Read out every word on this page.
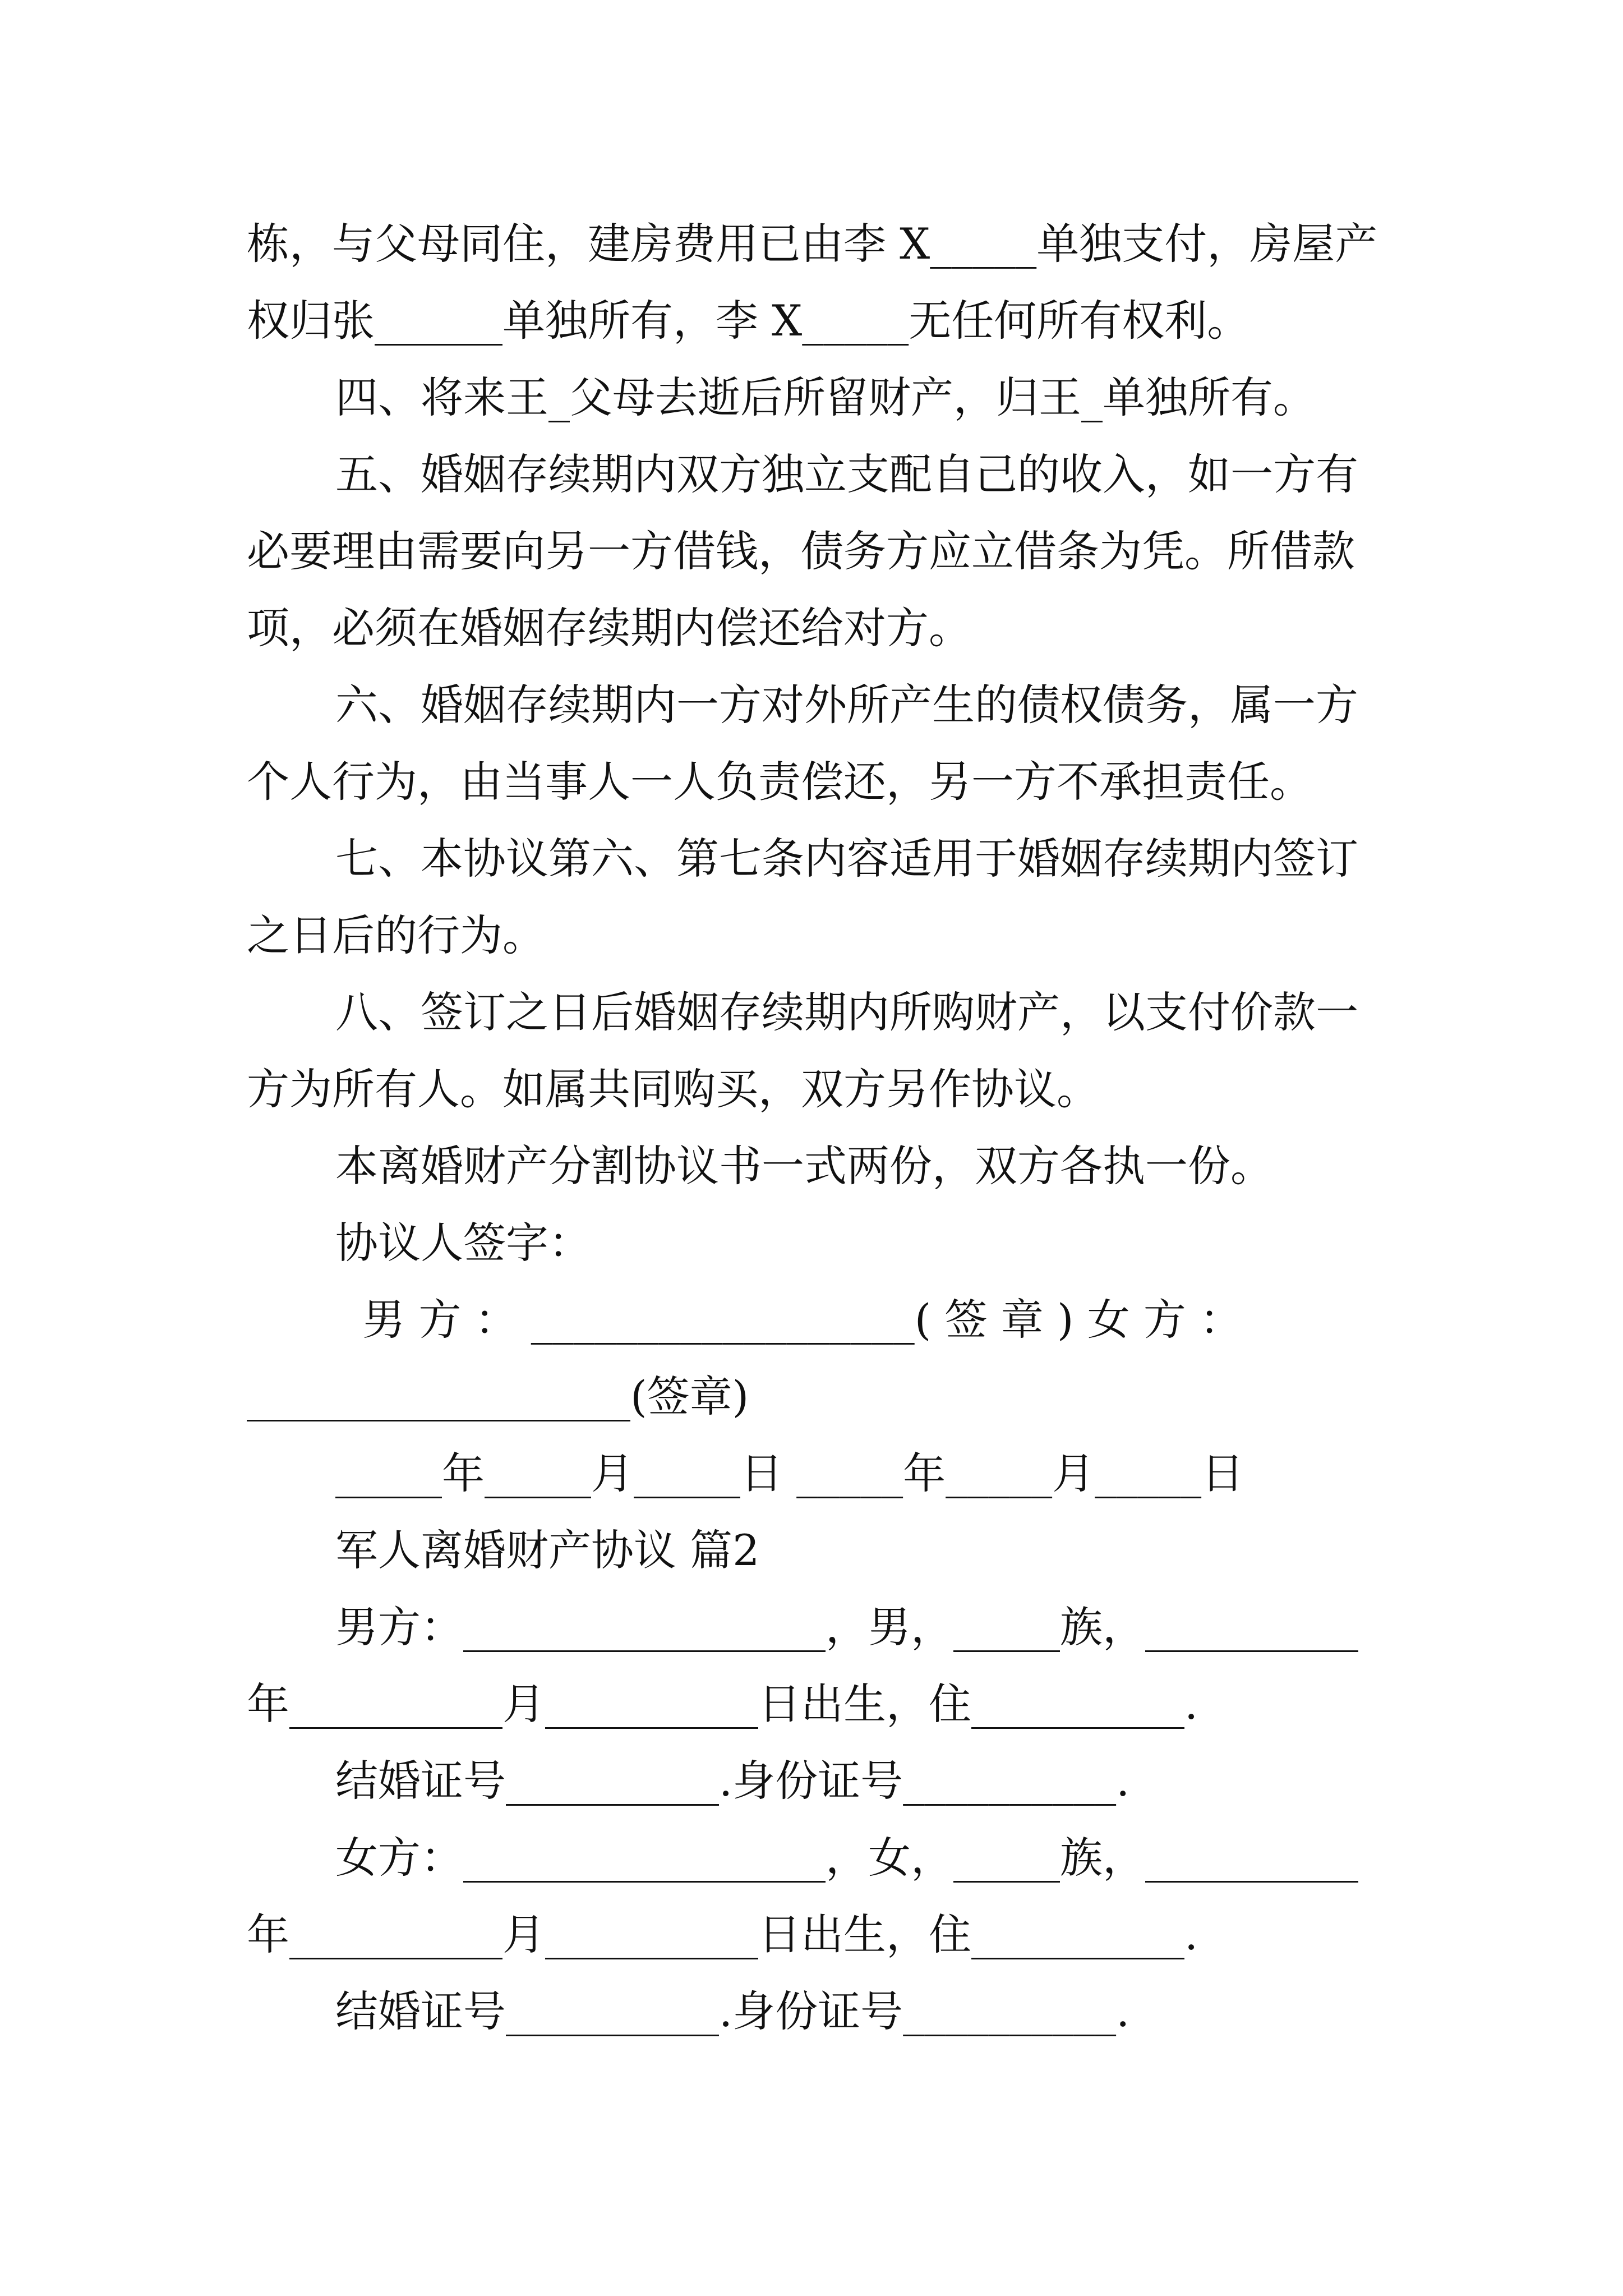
栋，与父母同住，建房费用已由李 X_____单独支付，房屋产
权归张______单独所有，李 X_____无任何所有权利。
四、将来王_父母去逝后所留财产，归王_单独所有。
五、婚姻存续期内双方独立支配自己的收入，如一方有
必要理由需要向另一方借钱，债务方应立借条为凭。所借款
项，必须在婚姻存续期内偿还给对方。
六、婚姻存续期内一方对外所产生的债权债务，属一方
个人行为，由当事人一人负责偿还，另一方不承担责任。
七、本协议第六、第七条内容适用于婚姻存续期内签订
之日后的行为。
八、签订之日后婚姻存续期内所购财产，以支付价款一
方为所有人。如属共同购买，双方另作协议。
本离婚财产分割协议书一式两份，双方各执一份。
协议人签字：
男 方 ： __________________( 签 章 ) 女 方 ：
__________________(签章)
_____年_____月_____日 _____年_____月_____日
军人离婚财产协议 篇2
男方：_________________，男，_____族，__________
年__________月__________日出生，住__________.
结婚证号__________.身份证号__________.
女方：_________________，女，_____族，__________
年__________月__________日出生，住__________.
结婚证号__________.身份证号__________.
